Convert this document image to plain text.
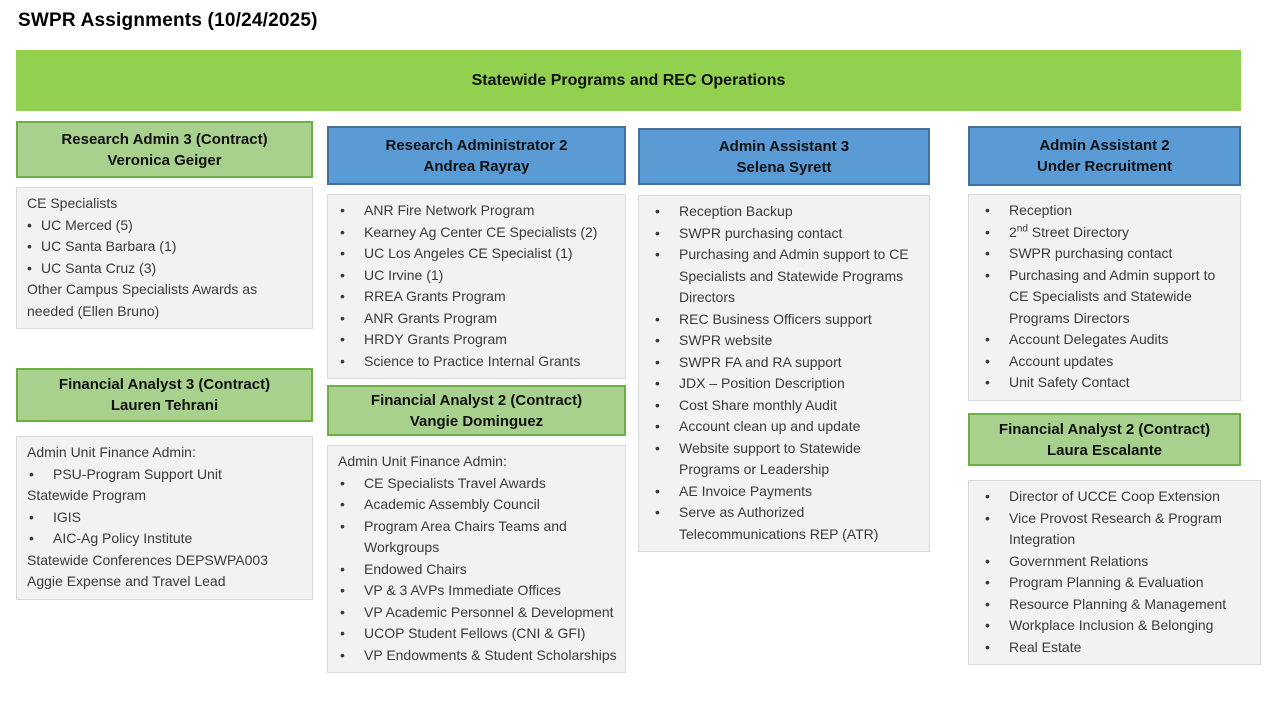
SWPR Assignments (10/24/2025)
Statewide Programs and REC Operations
Research Admin 3 (Contract)
Veronica Geiger
CE Specialists
• UC Merced (5)
• UC Santa Barbara (1)
• UC Santa Cruz (3)
Other Campus Specialists Awards as needed (Ellen Bruno)
Financial Analyst 3 (Contract)
Lauren Tehrani
Admin Unit Finance Admin:
•	PSU-Program Support Unit
Statewide Program
•	IGIS
•	AIC-Ag Policy Institute
Statewide Conferences DEPSWPA003
Aggie Expense and Travel Lead
Research Administrator 2
Andrea Rayray
•	ANR Fire Network Program
•	Kearney Ag Center CE Specialists (2)
•	UC Los Angeles CE Specialist (1)
•	UC Irvine (1)
•	RREA Grants Program
•	ANR Grants Program
•	HRDY Grants Program
•	Science to Practice Internal Grants
Financial Analyst 2 (Contract)
Vangie Dominguez
Admin Unit Finance Admin:
•	CE Specialists Travel Awards
•	Academic Assembly Council
•	Program Area Chairs Teams and Workgroups
•	Endowed Chairs
•	VP & 3 AVPs Immediate Offices
•	VP Academic Personnel & Development
•	UCOP Student Fellows (CNI & GFI)
•	VP Endowments & Student Scholarships
Admin Assistant 3
Selena Syrett
•	Reception Backup
•	SWPR purchasing contact
•	Purchasing and Admin support to CE Specialists and Statewide Programs Directors
•	REC Business Officers support
•	SWPR website
•	SWPR FA and RA support
•	JDX – Position Description
•	Cost Share monthly Audit
•	Account clean up and update
•	Website support to Statewide Programs or Leadership
•	AE Invoice Payments
•	Serve as Authorized Telecommunications REP (ATR)
Admin Assistant 2
Under Recruitment
•	Reception
•	2nd Street Directory
•	SWPR purchasing contact
•	Purchasing and Admin support to CE Specialists and Statewide Programs Directors
•	Account Delegates Audits
•	Account updates
•	Unit Safety Contact
Financial Analyst 2 (Contract)
Laura Escalante
•	Director of UCCE Coop Extension
•	Vice Provost Research & Program Integration
•	Government Relations
•	Program Planning & Evaluation
•	Resource Planning & Management
•	Workplace Inclusion & Belonging
•	Real Estate
